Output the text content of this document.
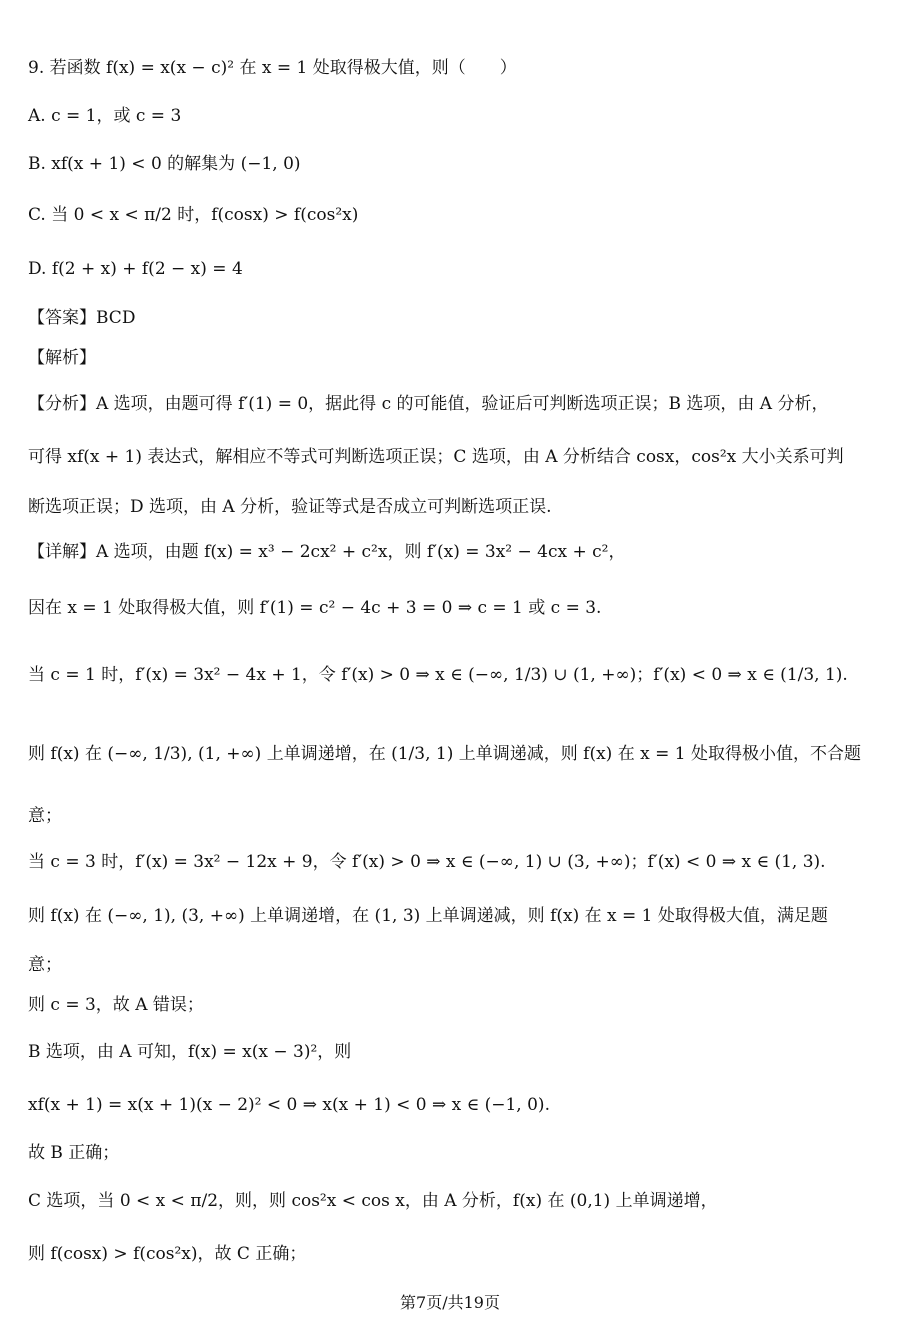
9. 若函数 f(x) = x(x − c)² 在 x = 1 处取得极大值，则（　　）
A. c = 1，或 c = 3
B. xf(x + 1) < 0 的解集为 (−1, 0)
C. 当 0 < x < π/2 时，f(cosx) > f(cos²x)
D. f(2 + x) + f(2 − x) = 4
【答案】BCD
【解析】
【分析】A 选项，由题可得 f′(1) = 0，据此得 c 的可能值，验证后可判断选项正误；B 选项，由 A 分析，
可得 xf(x + 1) 表达式，解相应不等式可判断选项正误；C 选项，由 A 分析结合 cosx，cos²x 大小关系可判
断选项正误；D 选项，由 A 分析，验证等式是否成立可判断选项正误.
【详解】A 选项，由题 f(x) = x³ − 2cx² + c²x，则 f′(x) = 3x² − 4cx + c²，
因在 x = 1 处取得极大值，则 f′(1) = c² − 4c + 3 = 0 ⇒ c = 1 或 c = 3.
当 c = 1 时，f′(x) = 3x² − 4x + 1，令 f′(x) > 0 ⇒ x ∈ (−∞, 1/3) ∪ (1, +∞)；f′(x) < 0 ⇒ x ∈ (1/3, 1).
则 f(x) 在 (−∞, 1/3), (1, +∞) 上单调递增，在 (1/3, 1) 上单调递减，则 f(x) 在 x = 1 处取得极小值，不合题
意；
当 c = 3 时，f′(x) = 3x² − 12x + 9，令 f′(x) > 0 ⇒ x ∈ (−∞, 1) ∪ (3, +∞)；f′(x) < 0 ⇒ x ∈ (1, 3).
则 f(x) 在 (−∞, 1), (3, +∞) 上单调递增，在 (1, 3) 上单调递减，则 f(x) 在 x = 1 处取得极大值，满足题
意；
则 c = 3，故 A 错误；
B 选项，由 A 可知，f(x) = x(x − 3)²，则
xf(x + 1) = x(x + 1)(x − 2)² < 0 ⇒ x(x + 1) < 0 ⇒ x ∈ (−1, 0).
故 B 正确；
C 选项，当 0 < x < π/2，则，则 cos²x < cos x，由 A 分析，f(x) 在 (0,1) 上单调递增，
则 f(cosx) > f(cos²x)，故 C 正确；
第7页/共19页
